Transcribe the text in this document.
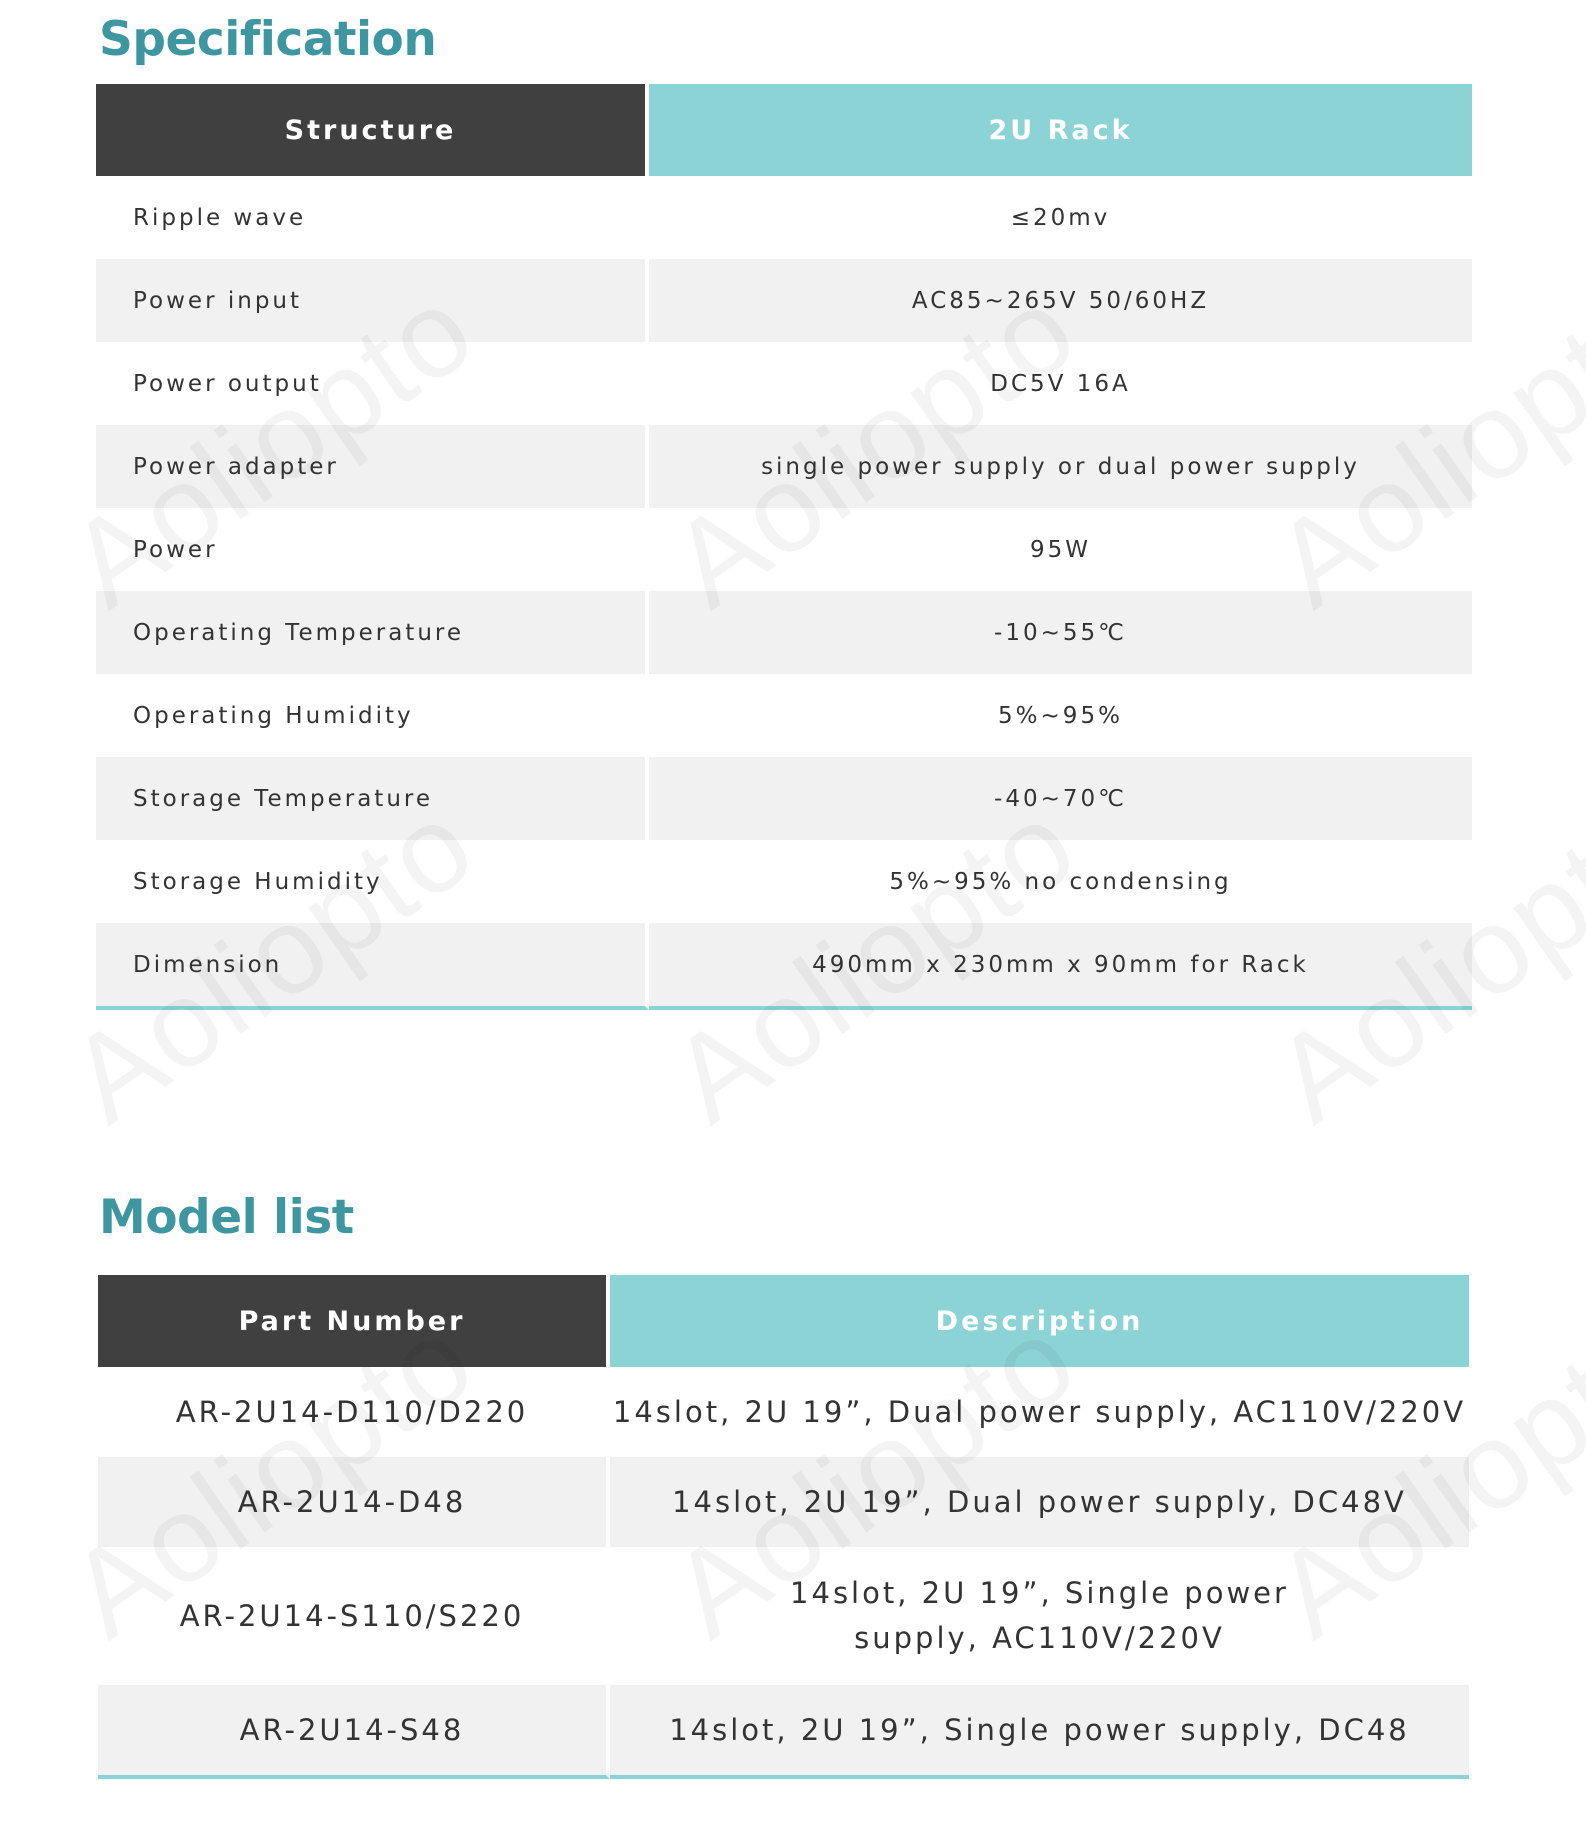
Specification
Structure	2U Rack
Ripple wave	≤20mv
Power input	AC85~265V 50/60HZ
Power output	DC5V 16A
Power adapter	single power supply or dual power supply
Power	95W
Operating Temperature	-10~55℃
Operating Humidity	5%~95%
Storage Temperature	-40~70℃
Storage Humidity	5%~95% no condensing
Dimension	490mm x 230mm x 90mm for Rack
Model list
Part Number	Description
AR-2U14-D110/D220	14slot, 2U 19”, Dual power supply, AC110V/220V
AR-2U14-D48	14slot, 2U 19”, Dual power supply, DC48V
AR-2U14-S110/S220	14slot, 2U 19”, Single power supply, AC110V/220V
AR-2U14-S48	14slot, 2U 19”, Single power supply, DC48
